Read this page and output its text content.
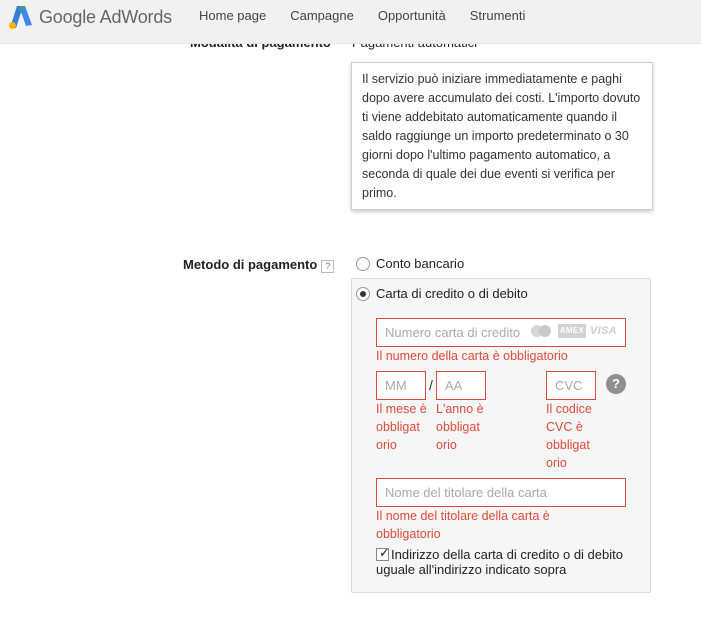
Google AdWords	Home page	Campagne	Opportunità	Strumenti
Il servizio può iniziare immediatamente e paghi dopo avere accumulato dei costi. L'importo dovuto ti viene addebitato automaticamente quando il saldo raggiunge un importo predeterminato o 30 giorni dopo l'ultimo pagamento automatico, a seconda di quale dei due eventi si verifica per primo.
Metodo di pagamento ?	Conto bancario
Carta di credito o di debito
Numero carta di credito
AMEX VISA
Il numero della carta è obbligatorio
MM
/
AA
CVC	?
Il mese è obbligat orio
L'anno è obbligat orio
Il codice CVC è obbligat orio
Nome del titolare della carta
Il nome del titolare della carta è obbligatorio
✓ Indirizzo della carta di credito o di debito uguale all'indirizzo indicato sopra
